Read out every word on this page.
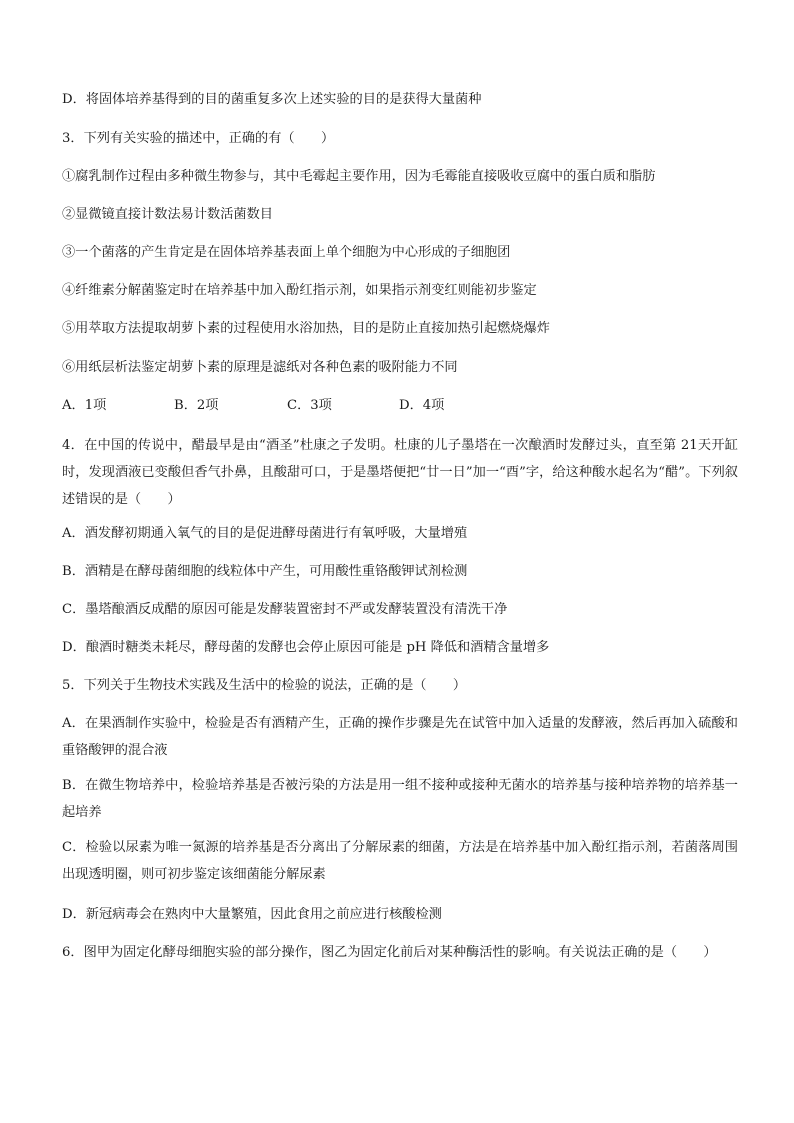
D．将固体培养基得到的目的菌重复多次上述实验的目的是获得大量菌种
3．下列有关实验的描述中，正确的有（　　）
①腐乳制作过程由多种微生物参与，其中毛霉起主要作用，因为毛霉能直接吸收豆腐中的蛋白质和脂肪
②显微镜直接计数法易计数活菌数目
③一个菌落的产生肯定是在固体培养基表面上单个细胞为中心形成的子细胞团
④纤维素分解菌鉴定时在培养基中加入酚红指示剂，如果指示剂变红则能初步鉴定
⑤用萃取方法提取胡萝卜素的过程使用水浴加热，目的是防止直接加热引起燃烧爆炸
⑥用纸层析法鉴定胡萝卜素的原理是滤纸对各种色素的吸附能力不同
A．1项	B．2项	C．3项	D．4项
4．在中国的传说中，醋最早是由“酒圣”杜康之子发明。杜康的儿子墨塔在一次酿酒时发酵过头，直至第 21天开缸时，发现酒液已变酸但香气扑鼻，且酸甜可口，于是墨塔便把“廿一日”加一“酉”字，给这种酸水起名为“醋”。下列叙述错误的是（　　）
A．酒发酵初期通入氧气的目的是促进酵母菌进行有氧呼吸，大量增殖
B．酒精是在酵母菌细胞的线粒体中产生，可用酸性重铬酸钾试剂检测
C．墨塔酿酒反成醋的原因可能是发酵装置密封不严或发酵装置没有清洗干净
D．酿酒时糖类未耗尽，酵母菌的发酵也会停止原因可能是 pH 降低和酒精含量增多
5．下列关于生物技术实践及生活中的检验的说法，正确的是（　　）
A．在果酒制作实验中，检验是否有酒精产生，正确的操作步骤是先在试管中加入适量的发酵液，然后再加入硫酸和重铬酸钾的混合液
B．在微生物培养中，检验培养基是否被污染的方法是用一组不接种或接种无菌水的培养基与接种培养物的培养基一起培养
C．检验以尿素为唯一氮源的培养基是否分离出了分解尿素的细菌，方法是在培养基中加入酚红指示剂，若菌落周围出现透明圈，则可初步鉴定该细菌能分解尿素
D．新冠病毒会在熟肉中大量繁殖，因此食用之前应进行核酸检测
6．图甲为固定化酵母细胞实验的部分操作，图乙为固定化前后对某种酶活性的影响。有关说法正确的是（　　）
